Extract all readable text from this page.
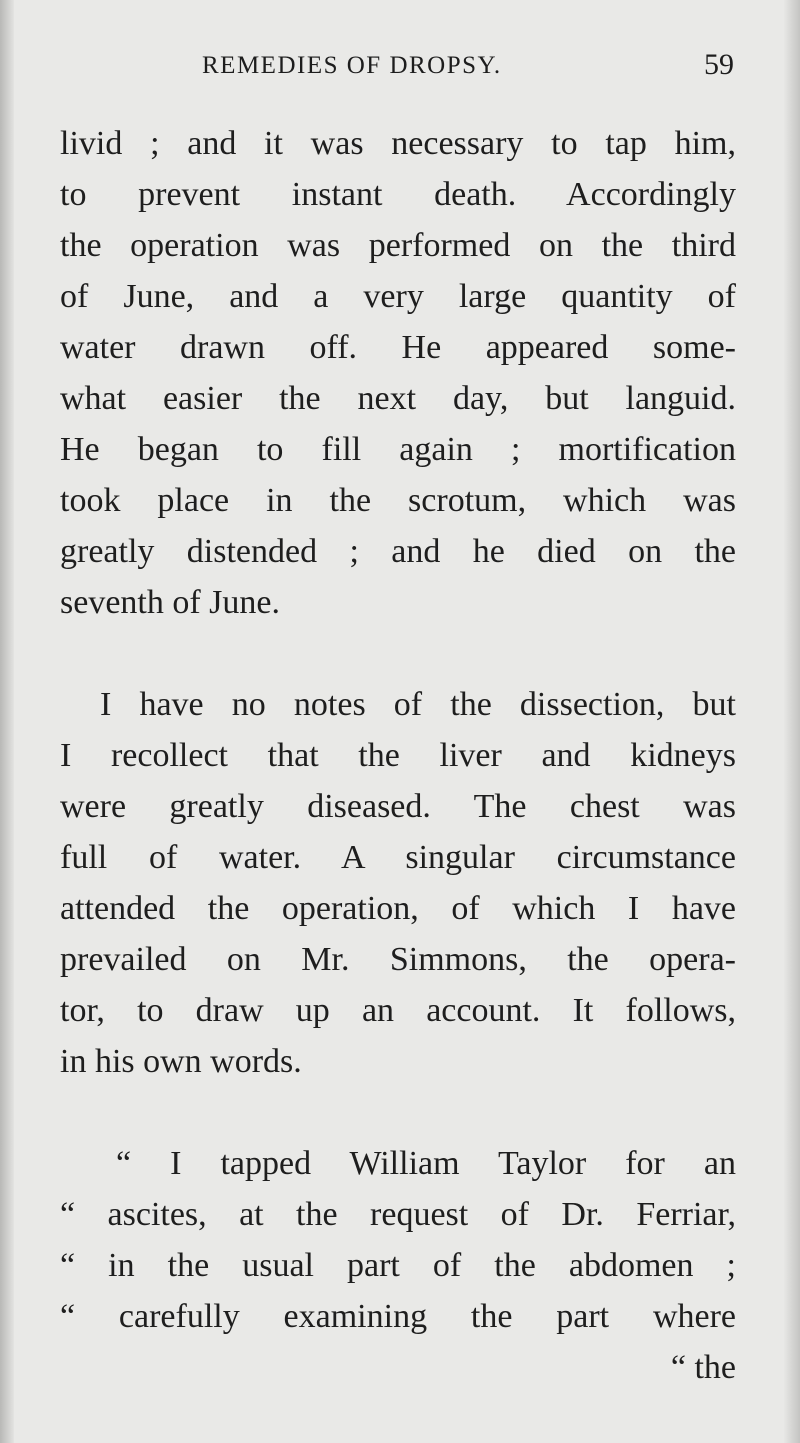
REMEDIES OF DROPSY.	59
livid ; and it was necessary to tap him,
to prevent instant death. Accordingly
the operation was performed on the third
of June, and a very large quantity of
water drawn off. He appeared some-
what easier the next day, but languid.
He began to fill again ; mortification
took place in the scrotum, which was
greatly distended ; and he died on the
seventh of June.
I have no notes of the dissection, but
I recollect that the liver and kidneys
were greatly diseased. The chest was
full of water. A singular circumstance
attended the operation, of which I have
prevailed on Mr. Simmons, the opera-
tor, to draw up an account. It follows,
in his own words.
“ I tapped William Taylor for an
“ ascites, at the request of Dr. Ferriar,
“ in the usual part of the abdomen ;
“ carefully examining the part where
“ the
